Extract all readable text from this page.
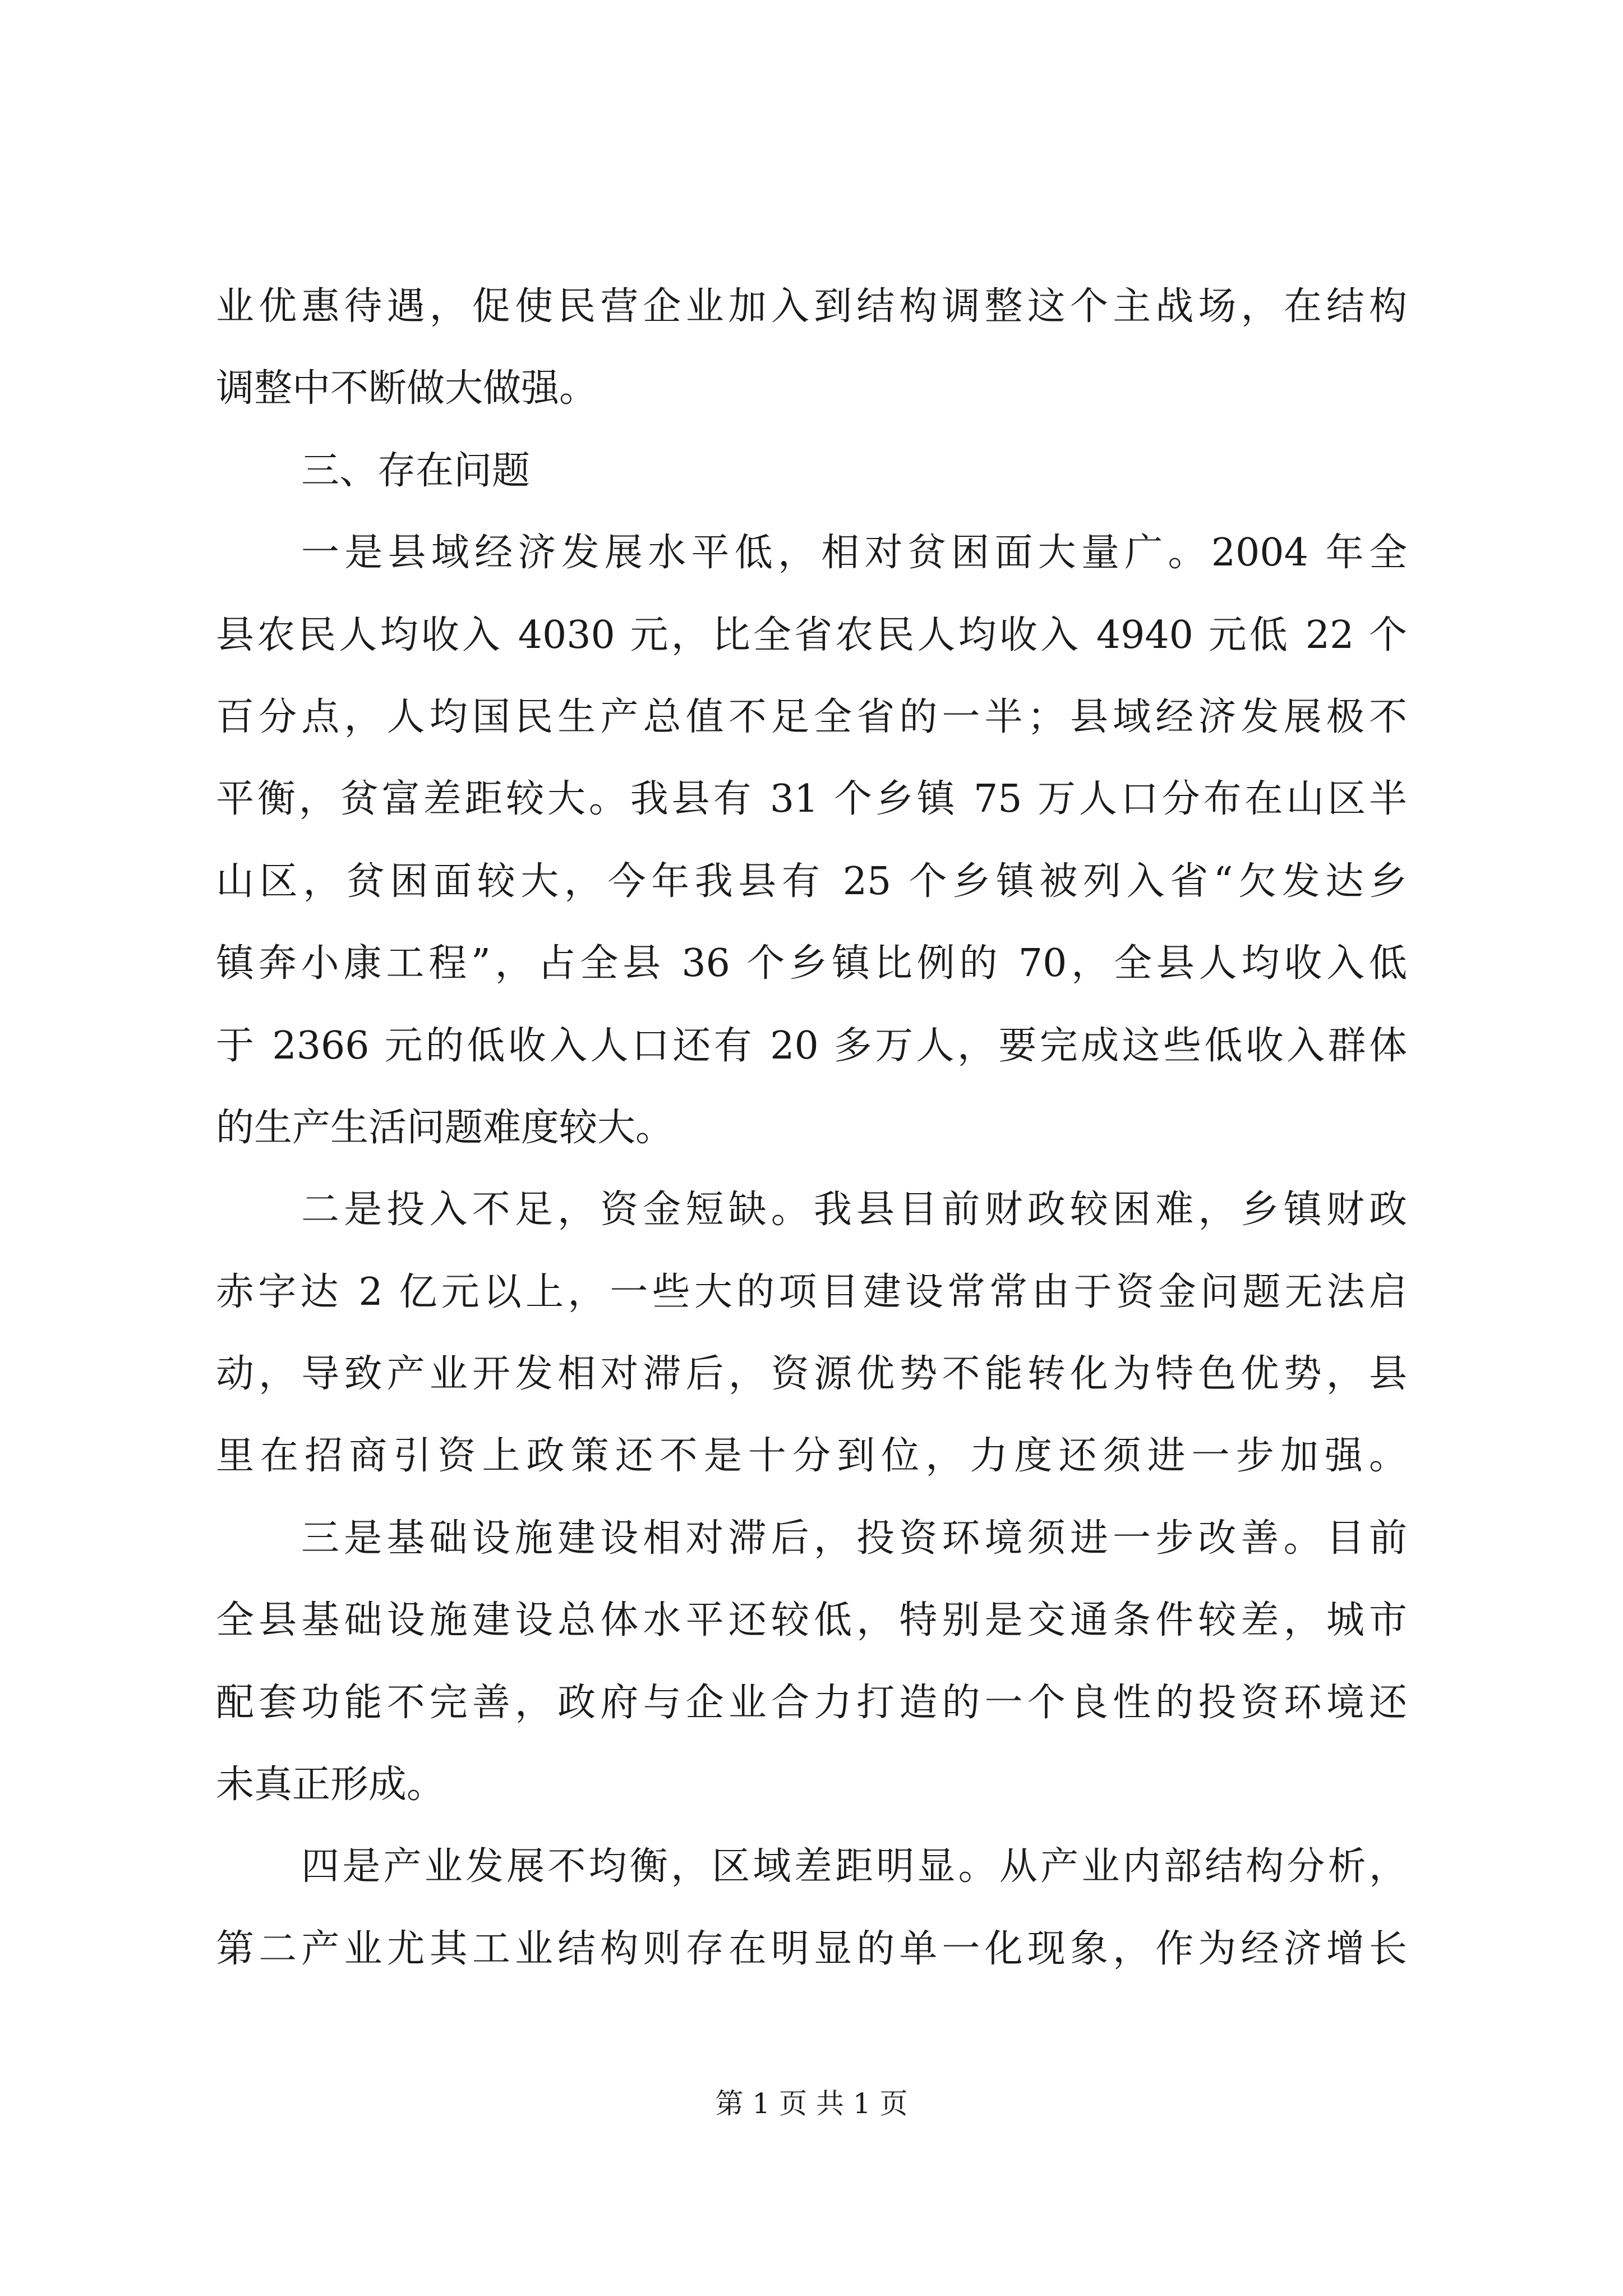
业优惠待遇，促使民营企业加入到结构调整这个主战场，在结构
调整中不断做大做强。
三、存在问题
一是县域经济发展水平低，相对贫困面大量广。2004 年全
县农民人均收入 4030 元，比全省农民人均收入 4940 元低 22 个
百分点，人均国民生产总值不足全省的一半；县域经济发展极不
平衡，贫富差距较大。我县有 31 个乡镇 75 万人口分布在山区半
山区，贫困面较大，今年我县有 25 个乡镇被列入省“欠发达乡
镇奔小康工程”，占全县 36 个乡镇比例的 70，全县人均收入低
于 2366 元的低收入人口还有 20 多万人，要完成这些低收入群体
的生产生活问题难度较大。
二是投入不足，资金短缺。我县目前财政较困难，乡镇财政
赤字达 2 亿元以上，一些大的项目建设常常由于资金问题无法启
动，导致产业开发相对滞后，资源优势不能转化为特色优势，县
里在招商引资上政策还不是十分到位，力度还须进一步加强。
三是基础设施建设相对滞后，投资环境须进一步改善。目前
全县基础设施建设总体水平还较低，特别是交通条件较差，城市
配套功能不完善，政府与企业合力打造的一个良性的投资环境还
未真正形成。
四是产业发展不均衡，区域差距明显。从产业内部结构分析，
第二产业尤其工业结构则存在明显的单一化现象，作为经济增长
第 1 页 共 1 页
